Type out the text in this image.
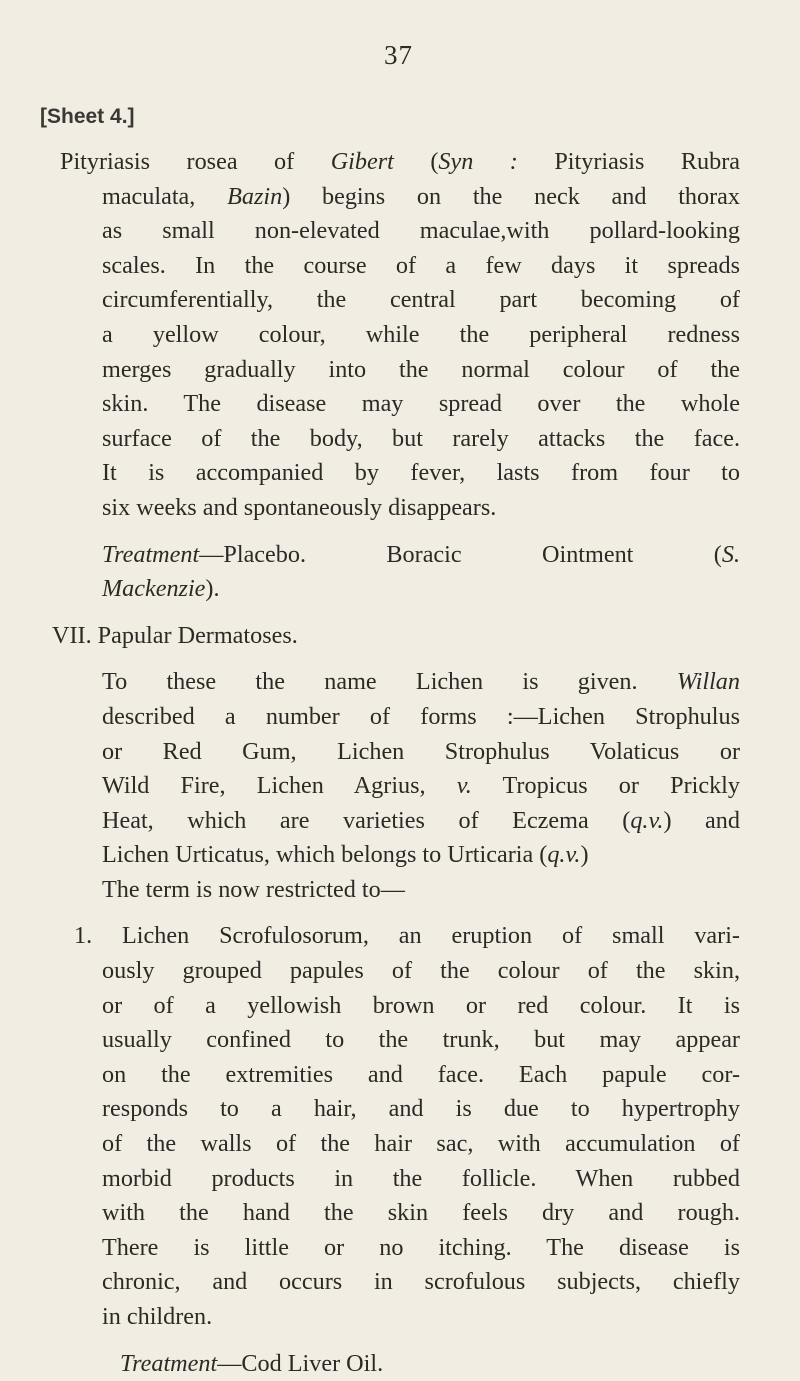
37
[Sheet 4.]
Pityriasis rosea of Gibert (Syn : Pityriasis Rubra
maculata, Bazin) begins on the neck and thorax
as small non-elevated maculae,with pollard-looking
scales. In the course of a few days it spreads
circumferentially, the central part becoming of
a yellow colour, while the peripheral redness
merges gradually into the normal colour of the
skin. The disease may spread over the whole
surface of the body, but rarely attacks the face.
It is accompanied by fever, lasts from four to
six weeks and spontaneously disappears.
Treatment—Placebo. Boracic Ointment (S.
Mackenzie).
VII. Papular Dermatoses.
To these the name Lichen is given. Willan
described a number of forms :—Lichen Strophulus
or Red Gum, Lichen Strophulus Volaticus or
Wild Fire, Lichen Agrius, v. Tropicus or Prickly
Heat, which are varieties of Eczema (q.v.) and
Lichen Urticatus, which belongs to Urticaria (q.v.)
The term is now restricted to—
1. Lichen Scrofulosorum, an eruption of small vari-
ously grouped papules of the colour of the skin,
or of a yellowish brown or red colour. It is
usually confined to the trunk, but may appear
on the extremities and face. Each papule cor-
responds to a hair, and is due to hypertrophy
of the walls of the hair sac, with accumulation of
morbid products in the follicle. When rubbed
with the hand the skin feels dry and rough.
There is little or no itching. The disease is
chronic, and occurs in scrofulous subjects, chiefly
in children.
Treatment—Cod Liver Oil.
